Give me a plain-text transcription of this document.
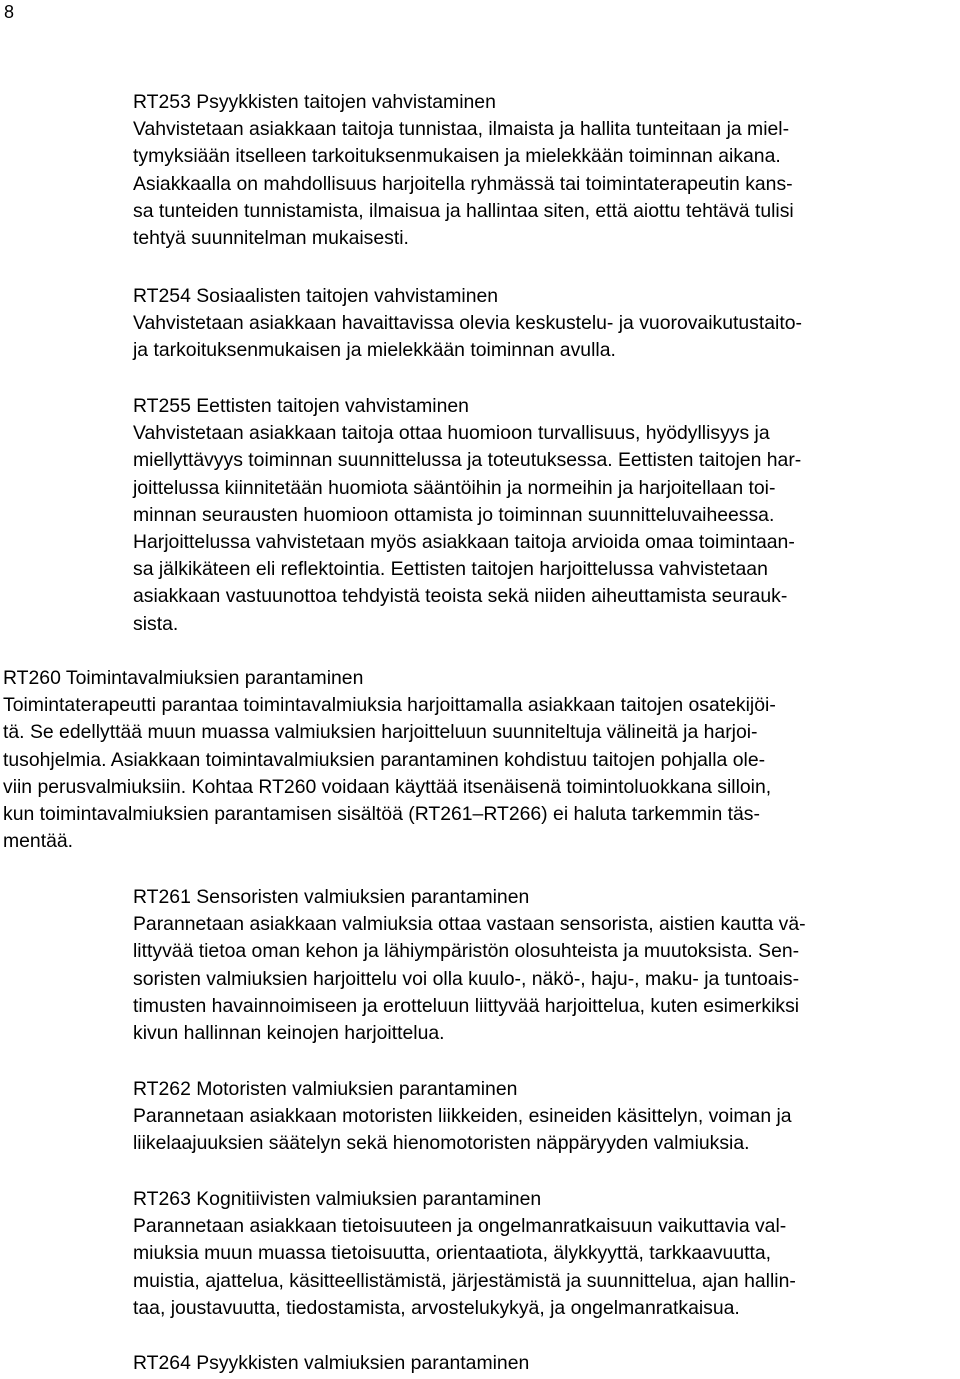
8
RT253 Psyykkisten taitojen vahvistaminen
Vahvistetaan asiakkaan taitoja tunnistaa, ilmaista ja hallita tunteitaan ja miel-
tymyksiään itselleen tarkoituksenmukaisen ja mielekkään toiminnan aikana.
Asiakkaalla on mahdollisuus harjoitella ryhmässä tai toimintaterapeutin kans-
sa tunteiden tunnistamista, ilmaisua ja hallintaa siten, että aiottu tehtävä tulisi
tehtyä suunnitelman mukaisesti.
RT254 Sosiaalisten taitojen vahvistaminen
Vahvistetaan asiakkaan havaittavissa olevia keskustelu- ja vuorovaikutustaito-
ja tarkoituksenmukaisen ja mielekkään toiminnan avulla.
RT255 Eettisten taitojen vahvistaminen
Vahvistetaan asiakkaan taitoja ottaa huomioon turvallisuus, hyödyllisyys ja
miellyttävyys toiminnan suunnittelussa ja toteutuksessa. Eettisten taitojen har-
joittelussa kiinnitetään huomiota sääntöihin ja normeihin ja harjoitellaan toi-
minnan seurausten huomioon ottamista jo toiminnan suunnitteluvaiheessa.
Harjoittelussa vahvistetaan myös asiakkaan taitoja arvioida omaa toimintaan-
sa jälkikäteen eli reflektointia. Eettisten taitojen harjoittelussa vahvistetaan
asiakkaan vastuunottoa tehdyistä teoista sekä niiden aiheuttamista seurauk-
sista.
RT260 Toimintavalmiuksien parantaminen
Toimintaterapeutti parantaa toimintavalmiuksia harjoittamalla asiakkaan taitojen osatekijöi-
tä. Se edellyttää muun muassa valmiuksien harjoitteluun suunniteltuja välineitä ja harjoi-
tusohjelmia. Asiakkaan toimintavalmiuksien parantaminen kohdistuu taitojen pohjalla ole-
viin perusvalmiuksiin. Kohtaa RT260 voidaan käyttää itsenäisenä toimintoluokkana silloin,
kun toimintavalmiuksien parantamisen sisältöä (RT261–RT266) ei haluta tarkemmin täs-
mentää.
RT261 Sensoristen valmiuksien parantaminen
Parannetaan asiakkaan valmiuksia ottaa vastaan sensorista, aistien kautta vä-
littyvää tietoa oman kehon ja lähiympäristön olosuhteista ja muutoksista. Sen-
soristen valmiuksien harjoittelu voi olla kuulo-, näkö-, haju-, maku- ja tuntoais-
timusten havainnoimiseen ja erotteluun liittyvää harjoittelua, kuten esimerkiksi
kivun hallinnan keinojen harjoittelua.
RT262 Motoristen valmiuksien parantaminen
Parannetaan asiakkaan motoristen liikkeiden, esineiden käsittelyn, voiman ja
liikelaajuuksien säätelyn sekä hienomotoristen näppäryyden valmiuksia.
RT263 Kognitiivisten valmiuksien parantaminen
Parannetaan asiakkaan tietoisuuteen ja ongelmanratkaisuun vaikuttavia val-
miuksia muun muassa tietoisuutta, orientaatiota, älykkyyttä, tarkkaavuutta,
muistia, ajattelua, käsitteellistämistä, järjestämistä ja suunnittelua, ajan hallin-
taa, joustavuutta, tiedostamista, arvostelukykyä, ja ongelmanratkaisua.
RT264 Psyykkisten valmiuksien parantaminen
